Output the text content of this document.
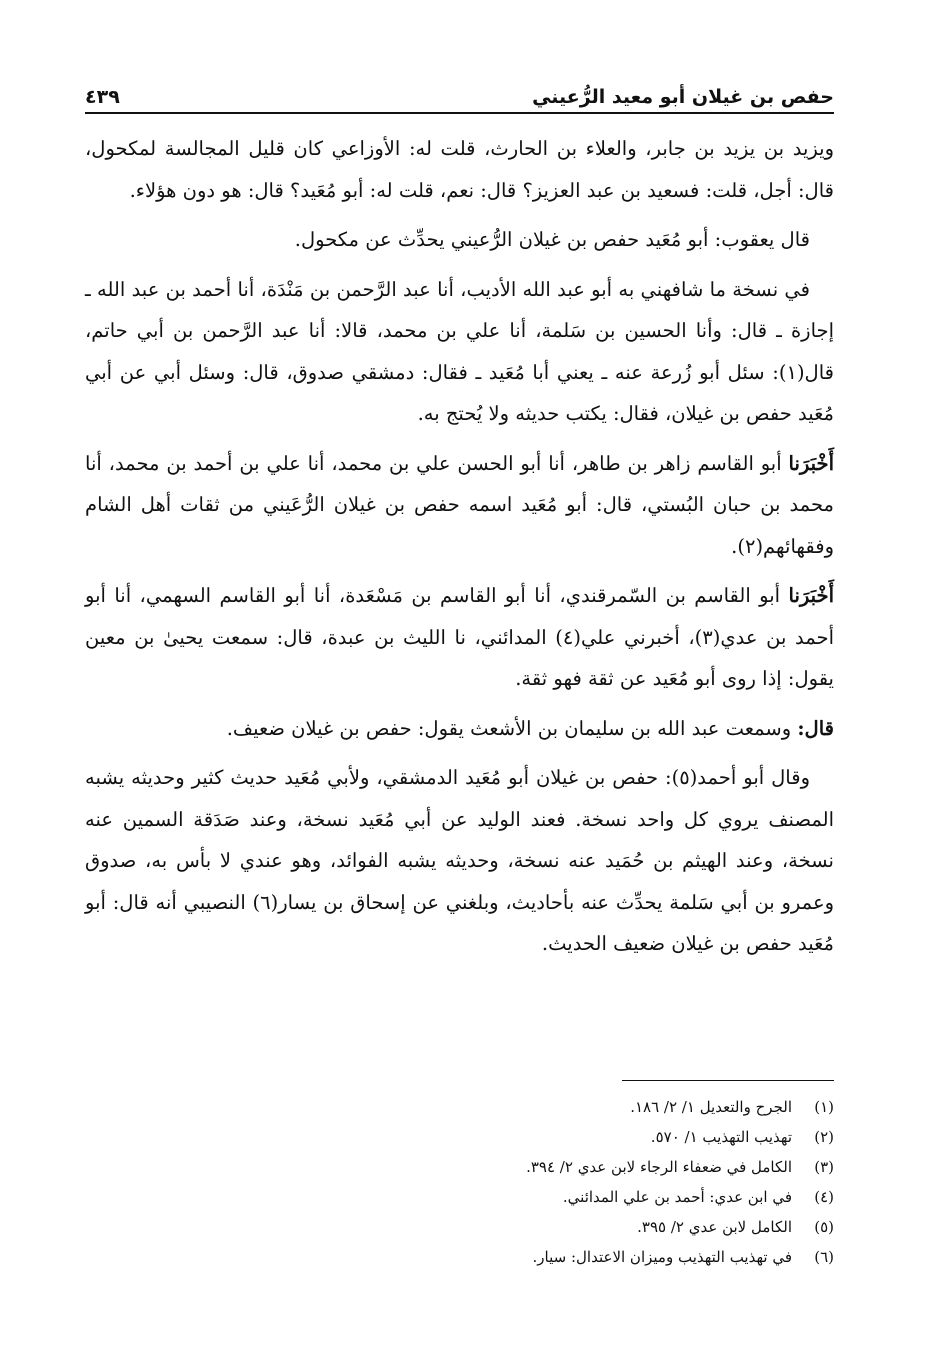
حفص بن غيلان أبو معيد الرُّعيني
٤٣٩

ويزيد بن يزيد بن جابر، والعلاء بن الحارث، قلت له: الأوزاعي كان قليل المجالسة لمكحول، قال: أجل، قلت: فسعيد بن عبد العزيز؟ قال: نعم، قلت له: أبو مُعَيد؟ قال: هو دون هؤلاء.

قال يعقوب: أبو مُعَيد حفص بن غيلان الرُّعيني يحدِّث عن مكحول.

في نسخة ما شافهني به أبو عبد الله الأديب، أنا عبد الرَّحمن بن مَنْدَة، أنا أحمد بن عبد الله ـ إجازة ـ قال: وأنا الحسين بن سَلمة، أنا علي بن محمد، قالا: أنا عبد الرَّحمن بن أبي حاتم، قال(١): سئل أبو زُرعة عنه ـ يعني أبا مُعَيد ـ فقال: دمشقي صدوق، قال: وسئل أبي عن أبي مُعَيد حفص بن غيلان، فقال: يكتب حديثه ولا يُحتج به.

أَخْبَرَنا أبو القاسم زاهر بن طاهر، أنا أبو الحسن علي بن محمد، أنا علي بن أحمد بن محمد، أنا محمد بن حبان البُستي، قال: أبو مُعَيد اسمه حفص بن غيلان الرُّعَيني من ثقات أهل الشام وفقهائهم(٢).

أَخْبَرَنا أبو القاسم بن السّمرقندي، أنا أبو القاسم بن مَسْعَدة، أنا أبو القاسم السهمي، أنا أبو أحمد بن عدي(٣)، أخبرني علي(٤) المدائني، نا الليث بن عبدة، قال: سمعت يحيىٰ بن معين يقول: إذا روى أبو مُعَيد عن ثقة فهو ثقة.

قال: وسمعت عبد الله بن سليمان بن الأشعث يقول: حفص بن غيلان ضعيف.

وقال أبو أحمد(٥): حفص بن غيلان أبو مُعَيد الدمشقي، ولأبي مُعَيد حديث كثير وحديثه يشبه المصنف يروي كل واحد نسخة. فعند الوليد عن أبي مُعَيد نسخة، وعند صَدَقة السمين عنه نسخة، وعند الهيثم بن حُمَيد عنه نسخة، وحديثه يشبه الفوائد، وهو عندي لا بأس به، صدوق وعمرو بن أبي سَلمة يحدِّث عنه بأحاديث، وبلغني عن إسحاق بن يسار(٦) النصيبي أنه قال: أبو مُعَيد حفص بن غيلان ضعيف الحديث.

(١)
الجرح والتعديل ١/ ٢/ ١٨٦.
(٢)
تهذيب التهذيب ١/ ٥٧٠.
(٣)
الكامل في ضعفاء الرجاء لابن عدي ٢/ ٣٩٤.
(٤)
في ابن عدي: أحمد بن علي المدائني.
(٥)
الكامل لابن عدي ٢/ ٣٩٥.
(٦)
في تهذيب التهذيب وميزان الاعتدال: سيار.
